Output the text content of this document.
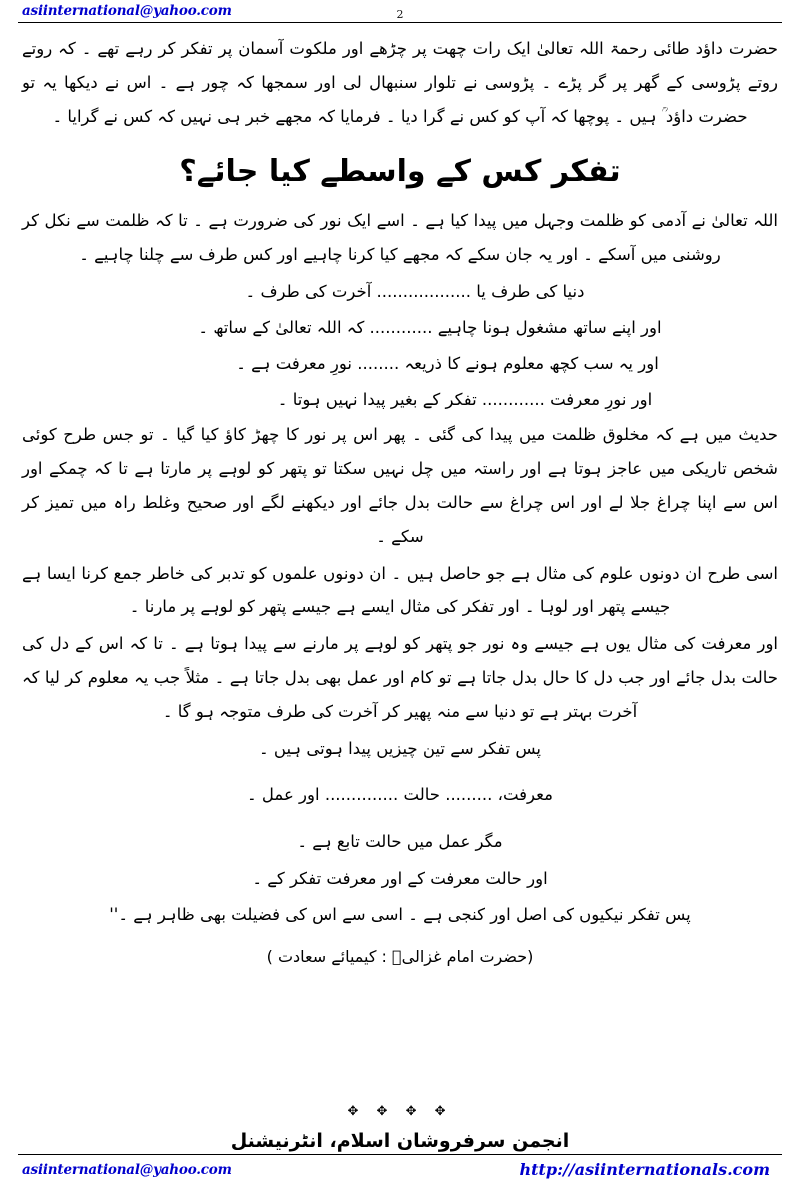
asiinternational@yahoo.com	2

حضرت داؤد طائی رحمۃ اللہ تعالیٰ ایک رات چھت پر چڑھے اور ملکوت آسمان پر تفکر کر رہے تھے ۔ کہ روتے روتے پڑوسی کے گھر پر گر پڑے ۔ پڑوسی نے تلوار سنبھال لی اور سمجھا کہ چور ہے ۔ اس نے دیکھا یہ تو حضرت داؤد ؒ ہیں ۔ پوچھا کہ آپ کو کس نے گرا دیا ۔ فرمایا کہ مجھے خبر ہی نہیں کہ کس نے گرایا ۔

تفکر کس کے واسطے کیا جائے؟

اللہ تعالیٰ نے آدمی کو ظلمت وجہل میں پیدا کیا ہے ۔ اسے ایک نور کی ضرورت ہے ۔ تا کہ ظلمت سے نکل کر روشنی میں آسکے ۔ اور یہ جان سکے کہ مجھے کیا کرنا چاہیے اور کس طرف سے چلنا چاہیے ۔

دنیا کی طرف یا .................. آخرت کی طرف ۔
اور اپنے ساتھ مشغول ہونا چاہیے ............ کہ اللہ تعالیٰ کے ساتھ ۔
اور یہ سب کچھ معلوم ہونے کا ذریعہ ........ نورِ معرفت ہے ۔
اور نورِ معرفت ............ تفکر کے بغیر پیدا نہیں ہوتا ۔

حدیث میں ہے کہ مخلوق ظلمت میں پیدا کی گئی ۔ پھر اس پر نور کا چھڑ کاؤ کیا گیا ۔ تو جس طرح کوئی شخص تاریکی میں عاجز ہوتا ہے اور راستہ میں چل نہیں سکتا تو پتھر کو لوہے پر مارتا ہے تا کہ چمکے اور اس سے اپنا چراغ جلا لے اور اس چراغ سے حالت بدل جائے اور دیکھنے لگے اور صحیح وغلط راہ میں تمیز کر سکے ۔

اسی طرح ان دونوں علوم کی مثال ہے جو حاصل ہیں ۔ ان دونوں علموں کو تدبر کی خاطر جمع کرنا ایسا ہے جیسے پتھر اور لوہا ۔ اور تفکر کی مثال ایسے ہے جیسے پتھر کو لوہے پر مارنا ۔

اور معرفت کی مثال یوں ہے جیسے وہ نور جو پتھر کو لوہے پر مارنے سے پیدا ہوتا ہے ۔ تا کہ اس کے دل کی حالت بدل جائے اور جب دل کا حال بدل جاتا ہے تو کام اور عمل بھی بدل جاتا ہے ۔ مثلاً جب یہ معلوم کر لیا کہ آخرت بہتر ہے تو دنیا سے منہ پھیر کر آخرت کی طرف متوجہ ہو گا ۔

پس تفکر سے تین چیزیں پیدا ہوتی ہیں ۔
معرفت، ......... حالت .............. اور عمل ۔
مگر عمل میں حالت تابع ہے ۔
اور حالت معرفت کے اور معرفت تفکر کے ۔
پس تفکر نیکیوں کی اصل اور کنجی ہے ۔ اسی سے اس کی فضیلت بھی ظاہر ہے ۔''
(حضرت امام غزالیؒ : کیمیائے سعادت )
✥ ✥ ✥ ✥
انجمن سرفروشان اسلام، انٹرنیشنل
asiinternational@yahoo.com	http://asiinternationals.com
